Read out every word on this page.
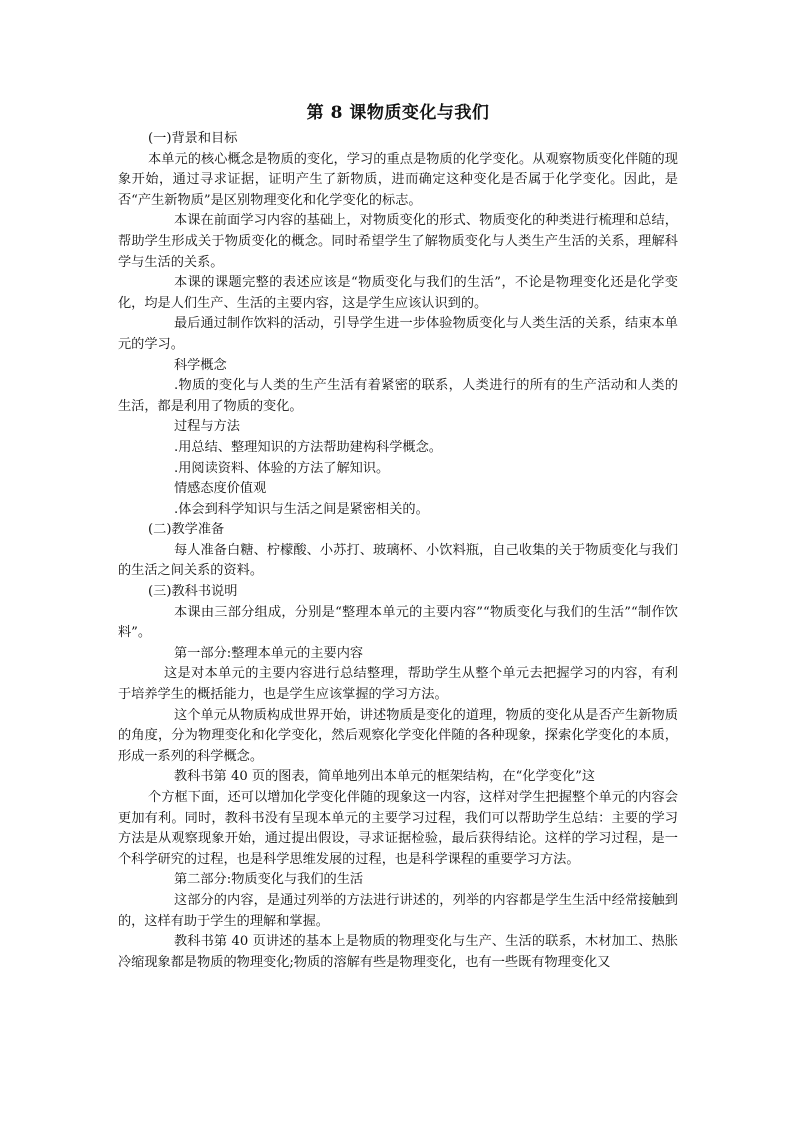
第 8 课物质变化与我们

(一)背景和目标

本单元的核心概念是物质的变化，学习的重点是物质的化学变化。从观察物质变化伴随的现象开始，通过寻求证据，证明产生了新物质，进而确定这种变化是否属于化学变化。因此，是否“产生新物质”是区别物理变化和化学变化的标志。

本课在前面学习内容的基础上，对物质变化的形式、物质变化的种类进行梳理和总结，帮助学生形成关于物质变化的概念。同时希望学生了解物质变化与人类生产生活的关系，理解科学与生活的关系。

本课的课题完整的表述应该是“物质变化与我们的生活”，不论是物理变化还是化学变化，均是人们生产、生活的主要内容，这是学生应该认识到的。

最后通过制作饮料的活动，引导学生进一步体验物质变化与人类生活的关系，结束本单元的学习。

科学概念

.物质的变化与人类的生产生活有着紧密的联系，人类进行的所有的生产活动和人类的生活，都是利用了物质的变化。

过程与方法

.用总结、整理知识的方法帮助建构科学概念。

.用阅读资料、体验的方法了解知识。

情感态度价值观

.体会到科学知识与生活之间是紧密相关的。

(二)教学准备

每人准备白糖、柠檬酸、小苏打、玻璃杯、小饮料瓶，自己收集的关于物质变化与我们的生活之间关系的资料。

(三)教科书说明

本课由三部分组成，分别是“整理本单元的主要内容”“物质变化与我们的生活”“制作饮料”。

第一部分:整理本单元的主要内容

这是对本单元的主要内容进行总结整理，帮助学生从整个单元去把握学习的内容，有利于培养学生的概括能力，也是学生应该掌握的学习方法。

这个单元从物质构成世界开始，讲述物质是变化的道理，物质的变化从是否产生新物质的角度，分为物理变化和化学变化，然后观察化学变化伴随的各种现象，探索化学变化的本质，形成一系列的科学概念。

教科书第 40 页的图表，简单地列出本单元的框架结构，在“化学变化”这

个方框下面，还可以增加化学变化伴随的现象这一内容，这样对学生把握整个单元的内容会更加有利。同时，教科书没有呈现本单元的主要学习过程，我们可以帮助学生总结：主要的学习方法是从观察现象开始，通过提出假设，寻求证据检验，最后获得结论。这样的学习过程，是一个科学研究的过程，也是科学思维发展的过程，也是科学课程的重要学习方法。

第二部分:物质变化与我们的生活

这部分的内容，是通过列举的方法进行讲述的，列举的内容都是学生生活中经常接触到的，这样有助于学生的理解和掌握。

教科书第 40 页讲述的基本上是物质的物理变化与生产、生活的联系，木材加工、热胀冷缩现象都是物质的物理变化;物质的溶解有些是物理变化，也有一些既有物理变化又
